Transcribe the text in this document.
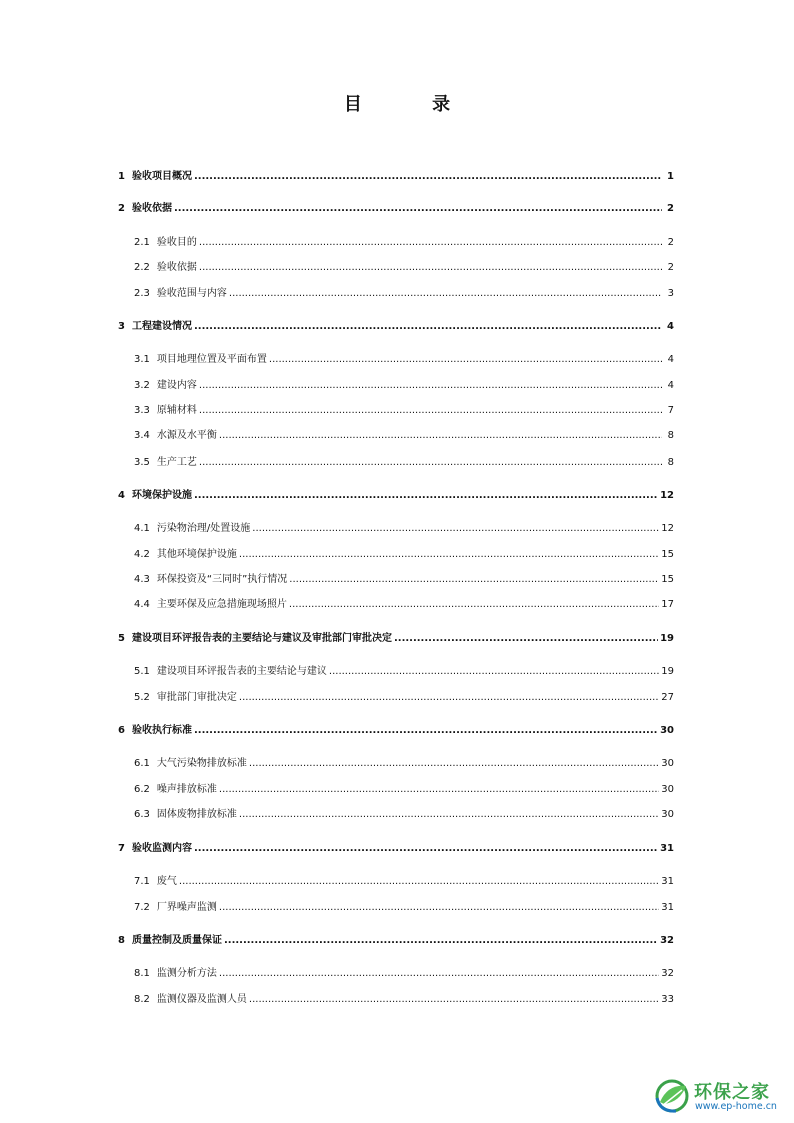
目 录
1 验收项目概况 .....	1
2 验收依据 .....	2
2.1 验收目的 .....	2
2.2 验收依据 .....	2
2.3 验收范围与内容 .....	3
3 工程建设情况 .....	4
3.1 项目地理位置及平面布置 .....	4
3.2 建设内容 .....	4
3.3 原辅材料 .....	7
3.4 水源及水平衡 .....	8
3.5 生产工艺 .....	8
4 环境保护设施 .....	12
4.1 污染物治理/处置设施 .....	12
4.2 其他环境保护设施 .....	15
4.3 环保投资及“三同时”执行情况 .....	15
4.4 主要环保及应急措施现场照片 .....	17
5 建设项目环评报告表的主要结论与建议及审批部门审批决定 .....	19
5.1 建设项目环评报告表的主要结论与建议 .....	19
5.2 审批部门审批决定 .....	27
6 验收执行标准 .....	30
6.1 大气污染物排放标准 .....	30
6.2 噪声排放标准 .....	30
6.3 固体废物排放标准 .....	30
7 验收监测内容 .....	31
7.1 废气 .....	31
7.2 厂界噪声监测 .....	31
8 质量控制及质量保证 .....	32
8.1 监测分析方法 .....	32
8.2 监测仪器及监测人员 .....	33
环保之家
www.ep-home.cn
